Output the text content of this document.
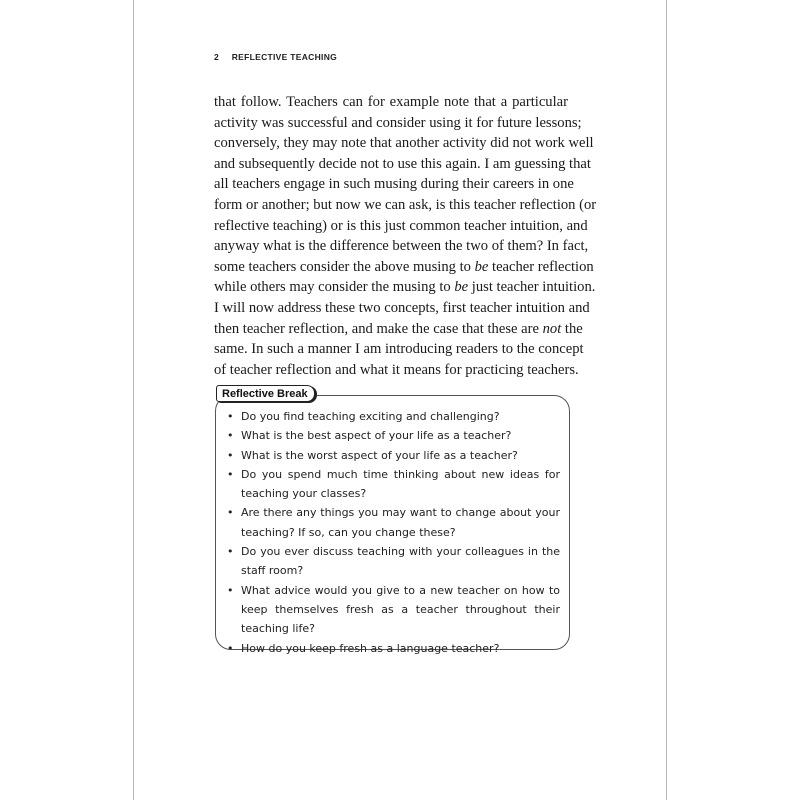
2 REFLECTIVE TEACHING
that follow. Teachers can for example note that a particular
activity was successful and consider using it for future lessons;
conversely, they may note that another activity did not work well
and subsequently decide not to use this again. I am guessing that
all teachers engage in such musing during their careers in one
form or another; but now we can ask, is this teacher reflection (or
reflective teaching) or is this just common teacher intuition, and
anyway what is the difference between the two of them? In fact,
some teachers consider the above musing to be teacher reflection
while others may consider the musing to be just teacher intuition.
I will now address these two concepts, first teacher intuition and
then teacher reflection, and make the case that these are not the
same. In such a manner I am introducing readers to the concept
of teacher reflection and what it means for practicing teachers.
Reflective Break
• Do you find teaching exciting and challenging?
• What is the best aspect of your life as a teacher?
• What is the worst aspect of your life as a teacher?
• Do you spend much time thinking about new ideas for teaching your classes?
• Are there any things you may want to change about your teaching? If so, can you change these?
• Do you ever discuss teaching with your colleagues in the staff room?
• What advice would you give to a new teacher on how to keep themselves fresh as a teacher throughout their teaching life?
• How do you keep fresh as a language teacher?
